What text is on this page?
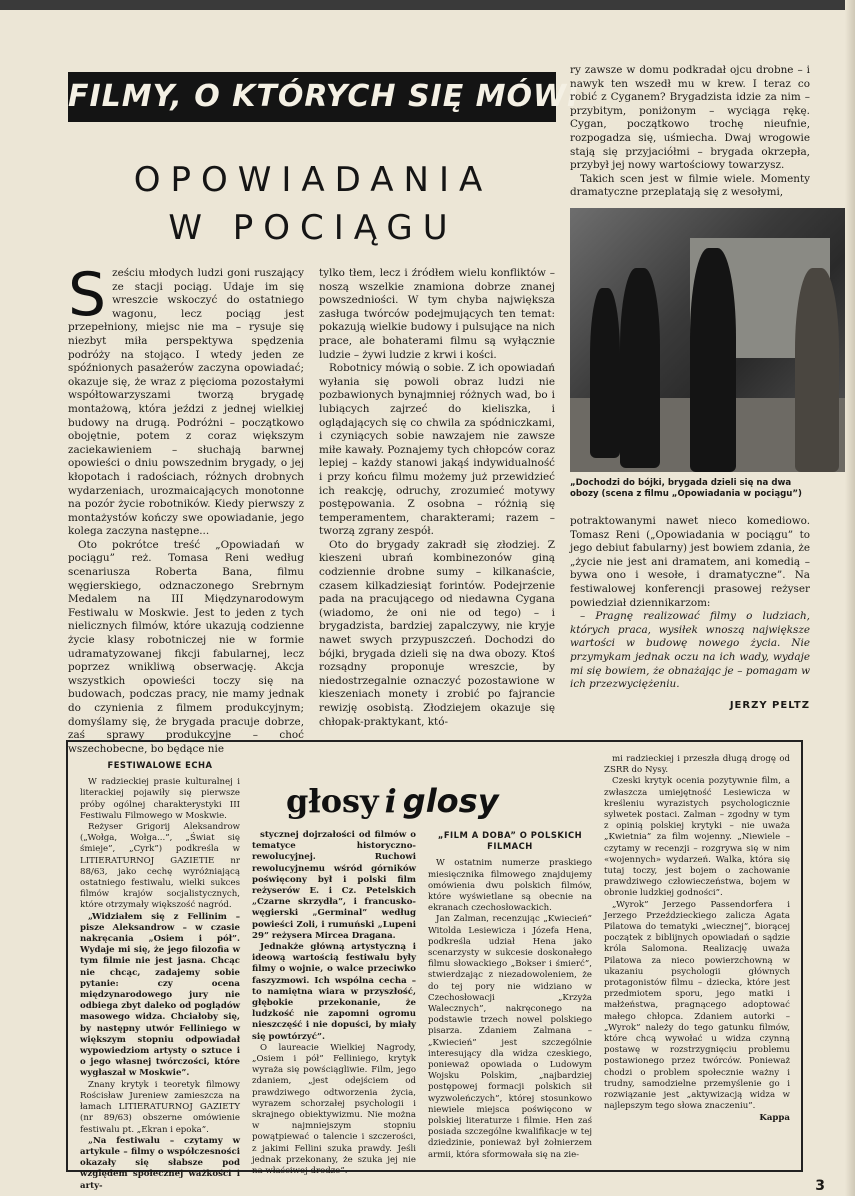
FILMY, O KTÓRYCH SIĘ MÓWI
OPOWIADANIA
W POCIĄGU
S ześciu młodych ludzi goni ruszający ze stacji pociąg. Udaje im się wreszcie wskoczyć do ostatniego wagonu, lecz pociąg jest przepełniony, miejsc nie ma – rysuje się niezbyt miła perspektywa spędzenia podróży na stojąco. I wtedy jeden ze spóźnionych pasażerów zaczyna opowiadać; okazuje się, że wraz z pięcioma pozostałymi współtowarzyszami tworzą brygadę montażową, która jeździ z jednej wielkiej budowy na drugą. Podróżni – początkowo obojętnie, potem z coraz większym zaciekawieniem – słuchają barwnej opowieści o dniu powszednim brygady, o jej kłopotach i radościach, różnych drobnych wydarzeniach, urozmaicających monotonne na pozór życie robotników. Kiedy pierwszy z montażystów kończy swe opowiadanie, jego kolega zaczyna następne...

Oto pokrótce treść „Opowiadań w pociągu” reż. Tomasa Reni według scenariusza Roberta Bana, filmu węgierskiego, odznaczonego Srebrnym Medalem na III Międzynarodowym Festiwalu w Moskwie. Jest to jeden z tych nielicznych filmów, które ukazują codzienne życie klasy robotniczej nie w formie udramatyzowanej fikcji fabularnej, lecz poprzez wnikliwą obserwację. Akcja wszystkich opowieści toczy się na budowach, podczas pracy, nie mamy jednak do czynienia z filmem produkcyjnym; domyślamy się, że brygada pracuje dobrze, zaś sprawy produkcyjne – choć wszechobecne, bo będące nie

tylko tłem, lecz i źródłem wielu konfliktów – noszą wszelkie znamiona dobrze znanej powszedniości. W tym chyba największa zasługa twórców podejmujących ten temat: pokazują wielkie budowy i pulsujące na nich prace, ale bohaterami filmu są wyłącznie ludzie – żywi ludzie z krwi i kości.

Robotnicy mówią o sobie. Z ich opowiadań wyłania się powoli obraz ludzi nie pozbawionych bynajmniej różnych wad, bo i lubiących zajrzeć do kieliszka, i oglądających się co chwila za spódniczkami, i czyniących sobie nawzajem nie zawsze miłe kawały. Poznajemy tych chłopców coraz lepiej – każdy stanowi jakąś indywidualność i przy końcu filmu możemy już przewidzieć ich reakcję, odruchy, zrozumieć motywy postępowania. Z osobna – różnią się temperamentem, charakterami; razem – tworzą zgrany zespół.

Oto do brygady zakradł się złodziej. Z kieszeni ubrań kombinezonów giną codziennie drobne sumy – kilkanaście, czasem kilkadziesiąt forintów. Podejrzenie pada na pracującego od niedawna Cygana (wiadomo, że oni nie od tego) – i brygadzista, bardziej zapalczywy, nie kryje nawet swych przypuszczeń. Dochodzi do bójki, brygada dzieli się na dwa obozy. Ktoś rozsądny proponuje wreszcie, by niedostrzegalnie oznaczyć pozostawione w kieszeniach monety i zrobić po fajrancie rewizję osobistą. Złodziejem okazuje się chłopak-praktykant, któ-

ry zawsze w domu podkradał ojcu drobne – i nawyk ten wszedł mu w krew. I teraz co robić z Cyganem? Brygadzista idzie za nim – przybitym, poniżonym – wyciąga rękę. Cygan, początkowo trochę nieufnie, rozpogadza się, uśmiecha. Dwaj wrogowie stają się przyjaciółmi – brygada okrzepła, przybył jej nowy wartościowy towarzysz.

Takich scen jest w filmie wiele. Momenty dramatyczne przeplatają się z wesołymi,

„Dochodzi do bójki, brygada dzieli się na dwa obozy (scena z filmu „Opowiadania w pociągu”)

potraktowanymi nawet nieco komediowo. Tomasz Reni („Opowiadania w pociągu” to jego debiut fabularny) jest bowiem zdania, że „życie nie jest ani dramatem, ani komedią – bywa ono i wesołe, i dramatyczne”. Na festiwalowej konferencji prasowej reżyser powiedział dziennikarzom:

– Pragnę realizować filmy o ludziach, których praca, wysiłek wnoszą największe wartości w budowę nowego życia. Nie przymykam jednak oczu na ich wady, wydaje mi się bowiem, że obnażając je – pomagam w ich przezwyciężeniu.

JERZY PELTZ
głosy i glosy

FESTIWALOWE ECHA

W radzieckiej prasie kulturalnej i literackiej pojawiły się pierwsze próby ogólnej charakterystyki III Festiwalu Filmowego w Moskwie.

Reżyser Grigorij Aleksandrow („Wołga, Wołga...”, „Świat się śmieje”, „Cyrk”) podkreśla w LITIERATURNOJ GAZIETIE nr 88/63, jako cechę wyróżniającą ostatniego festiwalu, wielki sukces filmów krajów socjalistycznych, które otrzymały większość nagród.

„Widziałem się z Fellinim – pisze Aleksandrow – w czasie nakręcania „Osiem i pół”. Wydaje mi się, że jego filozofia w tym filmie nie jest jasna. Chcąc nie chcąc, zadajemy sobie pytanie: czy ocena międzynarodowego jury nie odbiega zbyt daleko od poglądów masowego widza. Chciałoby się, by następny utwór Felliniego w większym stopniu odpowiadał wypowiedziom artysty o sztuce i o jego własnej twórczości, które wygłaszał w Moskwie”.

Znany krytyk i teoretyk filmowy Rościsław Jureniew zamieszcza na łamach LITIERATURNOJ GAZIETY (nr 89/63) obszerne omówienie festiwalu pt. „Ekran i epoka”.

„Na festiwalu – czytamy w artykule – filmy o współczesności okazały się słabsze pod względem społecznej ważkości i arty-

stycznej dojrzałości od filmów o tematyce historyczno-rewolucyjnej. Ruchowi rewolucyjnemu wśród górników poświęcony był i polski film reżyserów E. i Cz. Petelskich „Czarne skrzydła”, i francusko-węgierski „Germinal” według powieści Zoli, i rumuński „Lupeni 29” reżysera Mircea Dragana.

Jednakże główną artystyczną i ideową wartością festiwalu były filmy o wojnie, o walce przeciwko faszyzmowi. Ich wspólna cecha – to namiętna wiara w przyszłość, głębokie przekonanie, że ludzkość nie zapomni ogromu nieszczęść i nie dopuści, by miały się powtórzyć”.

O laureacie Wielkiej Nagrody, „Osiem i pół” Felliniego, krytyk wyraża się powściągliwie. Film, jego zdaniem, „jest odejściem od prawdziwego odtworzenia życia, wyrazem schorzałej psychologii i skrajnego obiektywizmu. Nie można w najmniejszym stopniu powątpiewać o talencie i szczerości, z jakimi Fellini szuka prawdy. Jeśli jednak przekonany, że szuka jej nie na właściwej drodze”.

„FILM A DOBA” O POLSKICH FILMACH

W ostatnim numerze praskiego miesięcznika filmowego znajdujemy omówienia dwu polskich filmów, które wyświetlane są obecnie na ekranach czechosłowackich.

Jan Zalman, recenzując „Kwiecień” Witolda Lesiewicza i Józefa Hena, podkreśla udział Hena jako scenarzysty w sukcesie doskonałego filmu słowackiego „Bokser i śmierć”, stwierdzając z niezadowoleniem, że do tej pory nie widziano w Czechosłowacji „Krzyża Walecznych”, nakręconego na podstawie trzech nowel polskiego pisarza. Zdaniem Zalmana – „Kwiecień” jest szczególnie interesujący dla widza czeskiego, ponieważ opowiada o Ludowym Wojsku Polskim, „najbardziej postępowej formacji polskich sił wyzwoleńczych”, której stosunkowo niewiele miejsca poświęcono w polskiej literaturze i filmie. Hen zaś posiada szczególne kwalifikacje w tej dziedzinie, ponieważ był żołnierzem armii, która sformowała się na zie-

mi radzieckiej i przeszła długą drogę od ZSRR do Nysy.

Czeski krytyk ocenia pozytywnie film, a zwłaszcza umiejętność Lesiewicza w kreśleniu wyrazistych psychologicznie sylwetek postaci. Zalman – zgodny w tym z opinią polskiej krytyki – nie uważa „Kwietnia” za film wojenny. „Niewiele – czytamy w recenzji – rozgrywa się w nim «wojennych» wydarzeń. Walka, która się tutaj toczy, jest bojem o zachowanie prawdziwego człowieczeństwa, bojem w obronie ludzkiej godności”.

„Wyrok” Jerzego Passendorfera i Jerzego Przeździeckiego zalicza Agata Pilatowa do tematyki „wiecznej”, biorącej początek z biblijnych opowiadań o sądzie króla Salomona. Realizację uważa Pilatowa za nieco powierzchowną w ukazaniu psychologii głównych protagonistów filmu – dziecka, które jest przedmiotem sporu, jego matki i małżeństwa, pragnącego adoptować małego chłopca. Zdaniem autorki – „Wyrok” należy do tego gatunku filmów, które chcą wywołać u widza czynną postawę w rozstrzygnięciu problemu postawionego przez twórców. Ponieważ chodzi o problem społecznie ważny i trudny, samodzielne przemyślenie go i rozwiązanie jest „aktywizacją widza w najlepszym tego słowa znaczeniu”.

Kappa

3
